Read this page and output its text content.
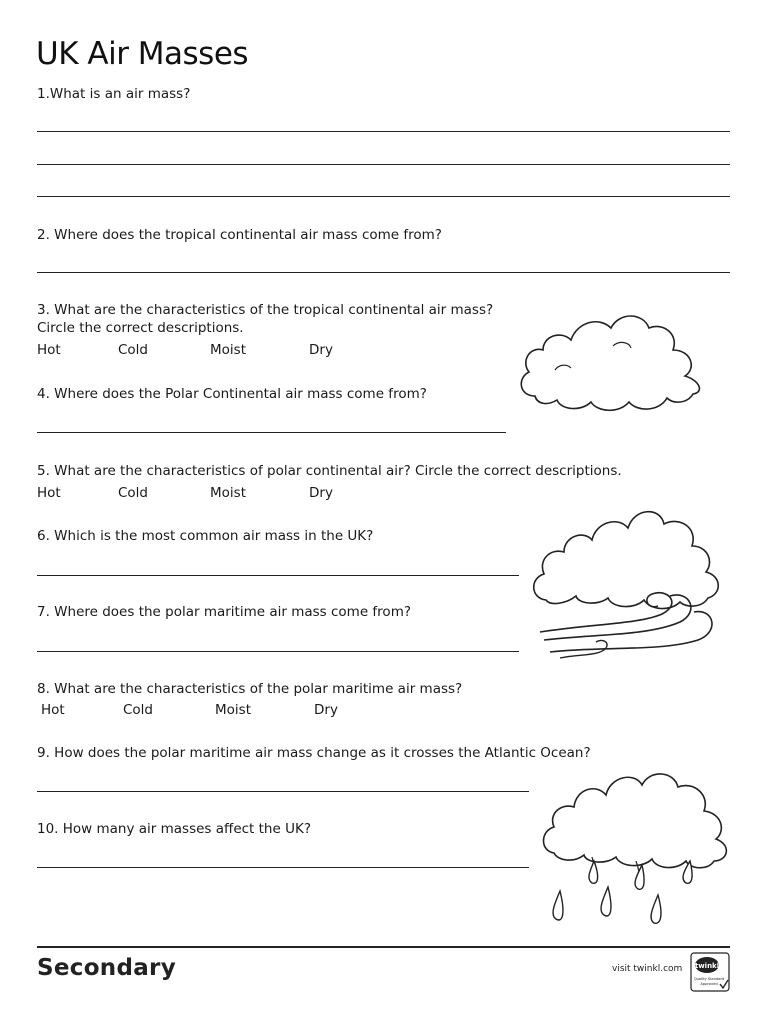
UK Air Masses
1.What is an air mass?
2. Where does the tropical continental air mass come from?
3. What are the characteristics of the tropical continental air mass?
Circle the correct descriptions.
Hot	Cold	Moist	Dry
4. Where does the Polar Continental air mass come from?
5. What are the characteristics of polar continental air? Circle the correct descriptions.
Hot	Cold	Moist	Dry
6. Which is the most common air mass in the UK?
7. Where does the polar maritime air mass come from?
8. What are the characteristics of the polar maritime air mass?
Hot	Cold	Moist	Dry
9. How does the polar maritime air mass change as it crosses the Atlantic Ocean?
10. How many air masses affect the UK?
Secondary	visit twinkl.com twinkl
Quality Standard
Approved
